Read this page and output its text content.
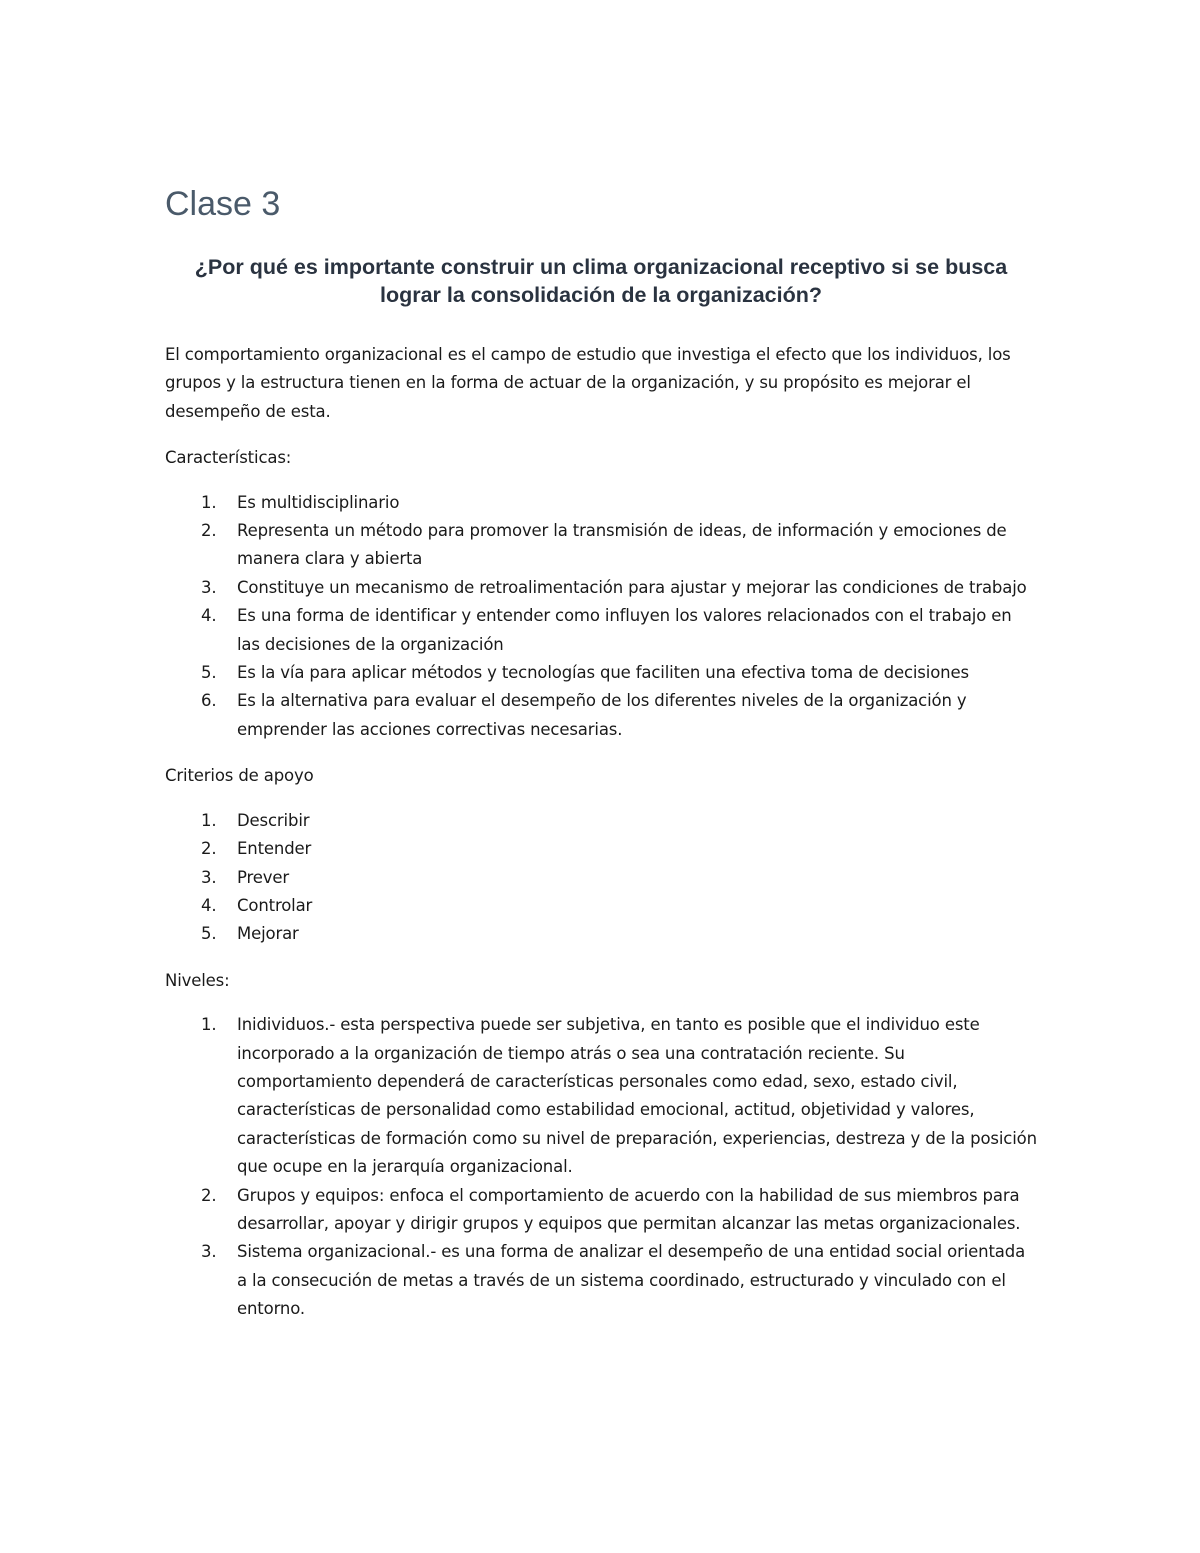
Clase 3

¿Por qué es importante construir un clima organizacional receptivo si se busca lograr la consolidación de la organización?

El comportamiento organizacional es el campo de estudio que investiga el efecto que los individuos, los grupos y la estructura tienen en la forma de actuar de la organización, y su propósito es mejorar el desempeño de esta.

Características:

1.	Es multidisciplinario
2.	Representa un método para promover la transmisión de ideas, de información y emociones de manera clara y abierta
3.	Constituye un mecanismo de retroalimentación para ajustar y mejorar las condiciones de trabajo
4.	Es una forma de identificar y entender como influyen los valores relacionados con el trabajo en las decisiones de la organización
5.	Es la vía para aplicar métodos y tecnologías que faciliten una efectiva toma de decisiones
6.	Es la alternativa para evaluar el desempeño de los diferentes niveles de la organización y emprender las acciones correctivas necesarias.

Criterios de apoyo

1.	Describir
2.	Entender
3.	Prever
4.	Controlar
5.	Mejorar

Niveles:

1.	Inidividuos.- esta perspectiva puede ser subjetiva, en tanto es posible que el individuo este incorporado a la organización de tiempo atrás o sea una contratación reciente. Su comportamiento dependerá de características personales como edad, sexo, estado civil, características de personalidad como estabilidad emocional, actitud, objetividad y valores, características de formación como su nivel de preparación, experiencias, destreza y de la posición que ocupe en la jerarquía organizacional.
2.	Grupos y equipos: enfoca el comportamiento de acuerdo con la habilidad de sus miembros para desarrollar, apoyar y dirigir grupos y equipos que permitan alcanzar las metas organizacionales.
3.	Sistema organizacional.- es una forma de analizar el desempeño de una entidad social orientada a la consecución de metas a través de un sistema coordinado, estructurado y vinculado con el entorno.
